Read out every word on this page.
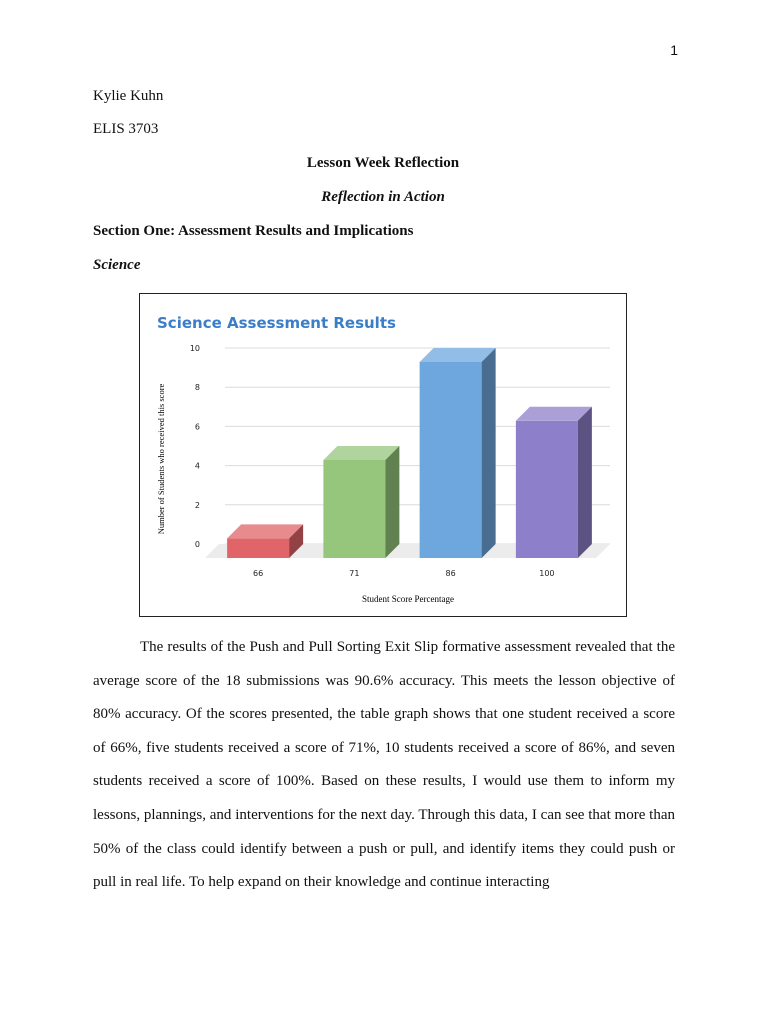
1
Kylie Kuhn
ELIS 3703
Lesson Week Reflection
Reflection in Action
Section One: Assessment Results and Implications
Science
Science Assessment Results
0
2
4
6
8
10
66	71	86	100
Student Score Percentage
Number of Students who received this score

The results of the Push and Pull Sorting Exit Slip formative assessment revealed that the average score of the 18 submissions was 90.6% accuracy. This meets the lesson objective of 80% accuracy. Of the scores presented, the table graph shows that one student received a score of 66%, five students received a score of 71%, 10 students received a score of 86%, and seven students received a score of 100%. Based on these results, I would use them to inform my lessons, plannings, and interventions for the next day. Through this data, I can see that more than 50% of the class could identify between a push or pull, and identify items they could push or pull in real life. To help expand on their knowledge and continue interacting
